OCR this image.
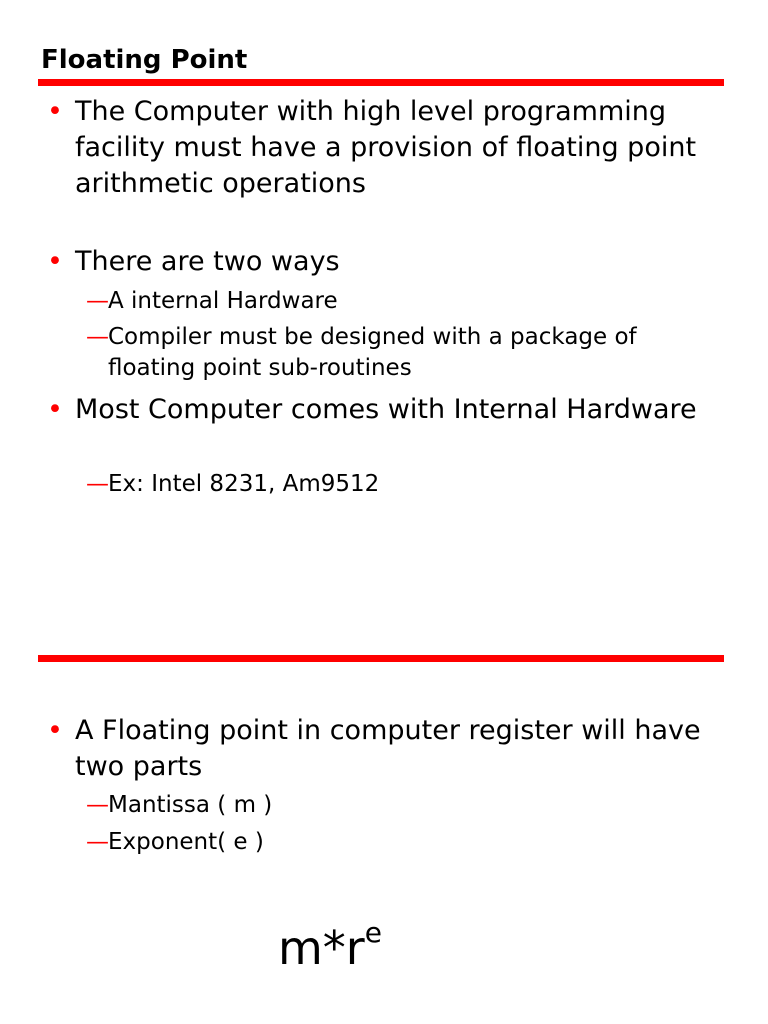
Floating Point
• The Computer with high level programming facility must have a provision of floating point arithmetic operations
• There are two ways
— A internal Hardware
— Compiler must be designed with a package of floating point sub-routines
• Most Computer comes with Internal Hardware
— Ex: Intel 8231, Am9512
• A Floating point in computer register will have two parts
— Mantissa ( m )
— Exponent( e )
$m*r^e$
